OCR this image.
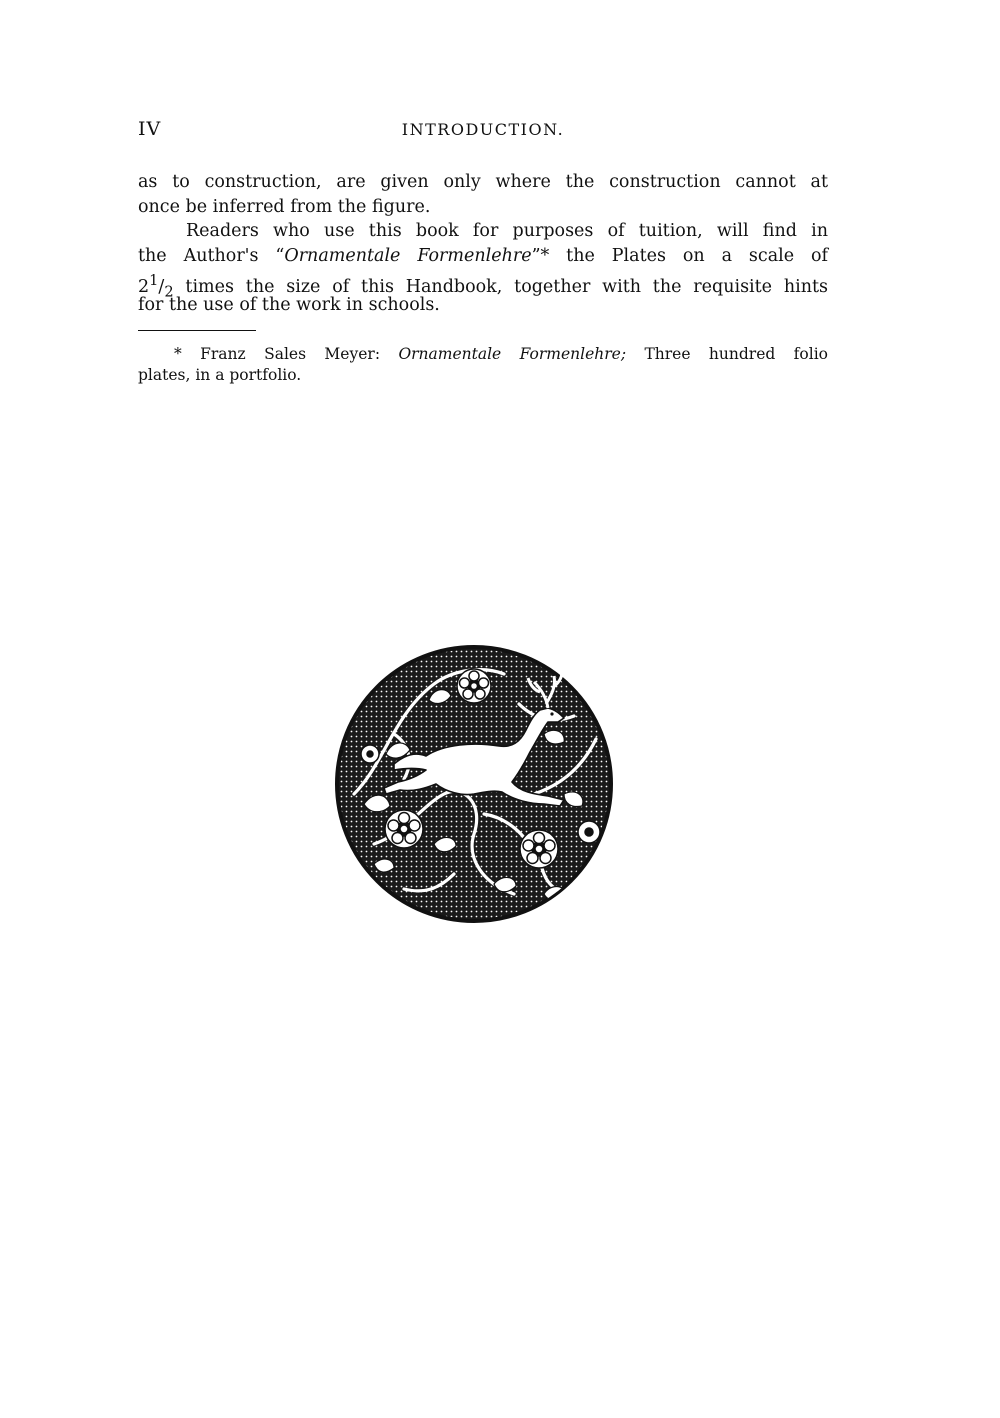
IV	INTRODUCTION.
as to construction, are given only where the construction cannot at
once be inferred from the figure.
Readers who use this book for purposes of tuition, will find in
the Author's “Ornamentale Formenlehre”* the Plates on a scale of
$2^1/_2$ times the size of this Handbook, together with the requisite hints
for the use of the work in schools.
* Franz Sales Meyer: Ornamentale Formenlehre; Three hundred folio
plates, in a portfolio.
